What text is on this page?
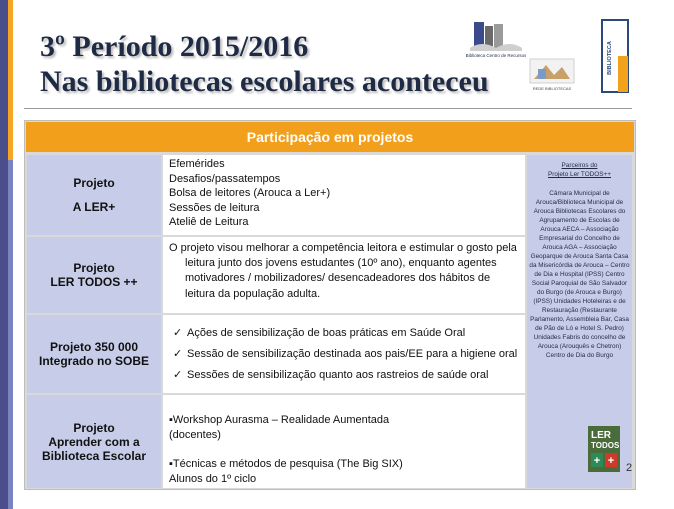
3º Período 2015/2016
Nas bibliotecas escolares aconteceu
Biblioteca Centro de Recursos
REDE BIBLIOTECAS
BIBLIOTECA
Participação em projetos
Projeto
A LER+

Efemérides

Desafios/passatempos

Bolsa de leitores (Arouca a Ler+)

Sessões de leitura

Ateliê de Leitura

Projeto
LER TODOS ++

O projeto visou melhorar a competência leitora e estimular o gosto pela leitura junto dos jovens estudantes (10º ano), enquanto agentes motivadores / mobilizadores/ desencadeadores dos hábitos de leitura da população adulta.

Projeto 350 000
Integrado no SOBE
✓ Ações de sensibilização de boas práticas em Saúde Oral
✓ Sessão de sensibilização destinada aos pais/EE para a higiene oral
✓ Sessões de sensibilização quanto aos rastreios de saúde oral
Projeto
Aprender com a
Biblioteca Escolar
▪Workshop Aurasma – Realidade Aumentada
(docentes)
▪Técnicas e métodos de pesquisa (The Big SIX)
Alunos do 1º ciclo
Parceiros do
Projeto Ler TODOS++
Câmara Municipal de Arouca/Biblioteca Municipal de Arouca Bibliotecas Escolares do Agrupamento de Escolas de Arouca AECA – Associação Empresarial do Concelho de Arouca AGA – Associação Geoparque de Arouca Santa Casa da Misericórdia de Arouca – Centro de Dia e Hospital (IPSS) Centro Social Paroquial de São Salvador do Burgo (de Arouca e Burgo) (IPSS) Unidades Hoteleiras e de Restauração (Restaurante Parlamento, Assembleia Bar, Casa de Pão de Ló e Hotel S. Pedro) Unidades Fabris do concelho de Arouca (Arouquês e Chetron) Centro de Dia do Burgo
LER
TODOS
+ +
2
